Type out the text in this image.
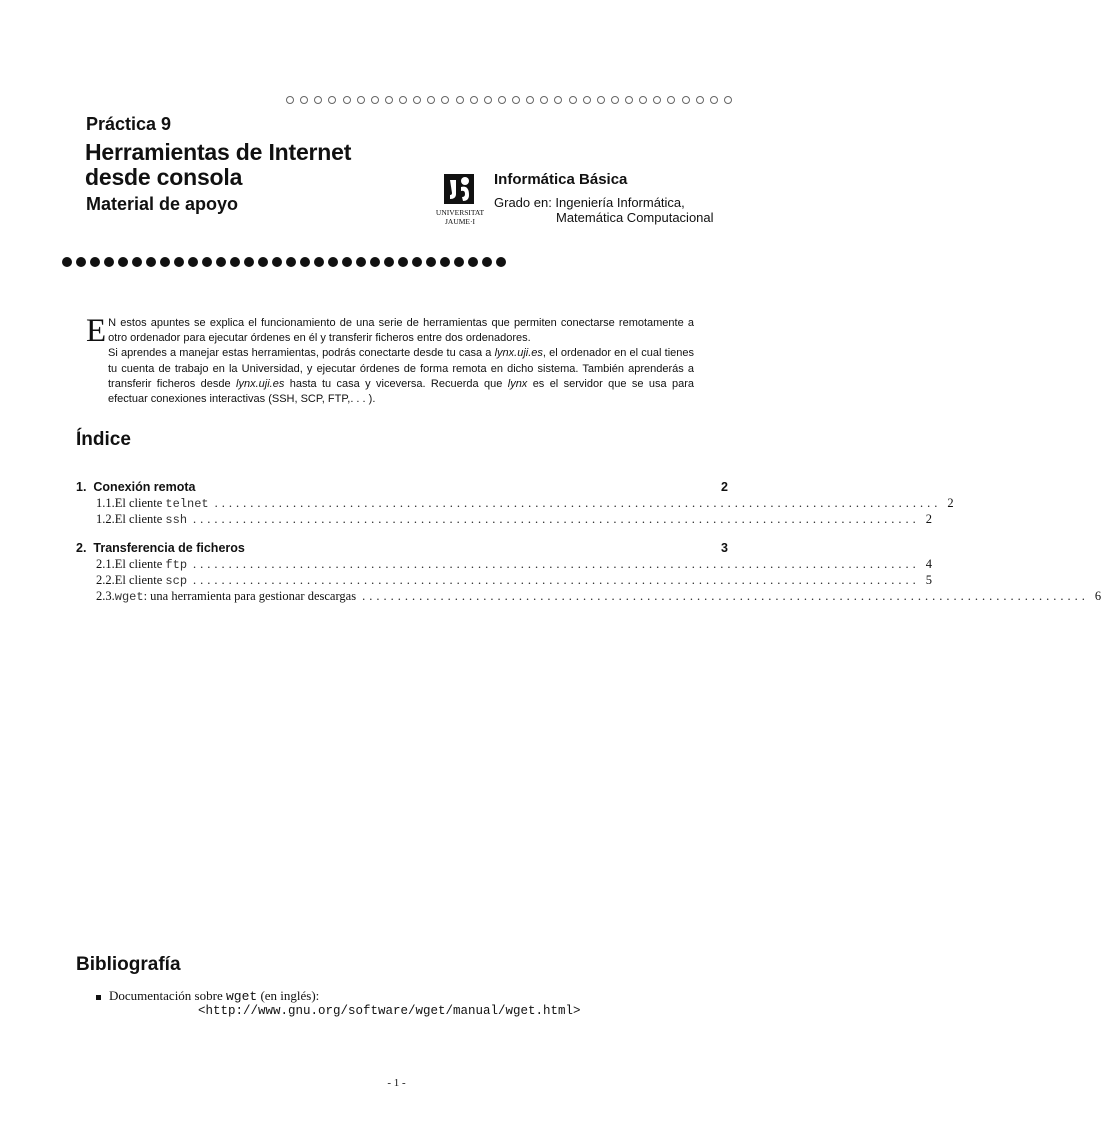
Práctica 9
Herramientas de Internet
desde consola
Material de apoyo	UNIVERSITAT
JAUME·I
Informática Básica
Grado en: Ingeniería Informática,
Matemática Computacional
E N estos apuntes se explica el funcionamiento de una serie de herramientas que permiten conectarse remotamente a otro ordenador para ejecutar órdenes en él y transferir ficheros entre dos ordenadores.

Si aprendes a manejar estas herramientas, podrás conectarte desde tu casa a lynx.uji.es, el ordenador en el cual tienes tu cuenta de trabajo en la Universidad, y ejecutar órdenes de forma remota en dicho sistema. También aprenderás a transferir ficheros desde lynx.uji.es hasta tu casa y viceversa. Recuerda que lynx es el servidor que se usa para efectuar conexiones interactivas (SSH, SCP, FTP,. . . ).

Índice
1. Conexión remota	2
1.1. El cliente telnet ...................................................................................................... 2
1.2. El cliente ssh ...................................................................................................... 2
2. Transferencia de ficheros	3
2.1. El cliente ftp ...................................................................................................... 4
2.2. El cliente scp ...................................................................................................... 5
2.3. wget: una herramienta para gestionar descargas ...................................................................................................... 6
Bibliografía
Documentación sobre wget (en inglés):
<http://www.gnu.org/software/wget/manual/wget.html>
- 1 -
